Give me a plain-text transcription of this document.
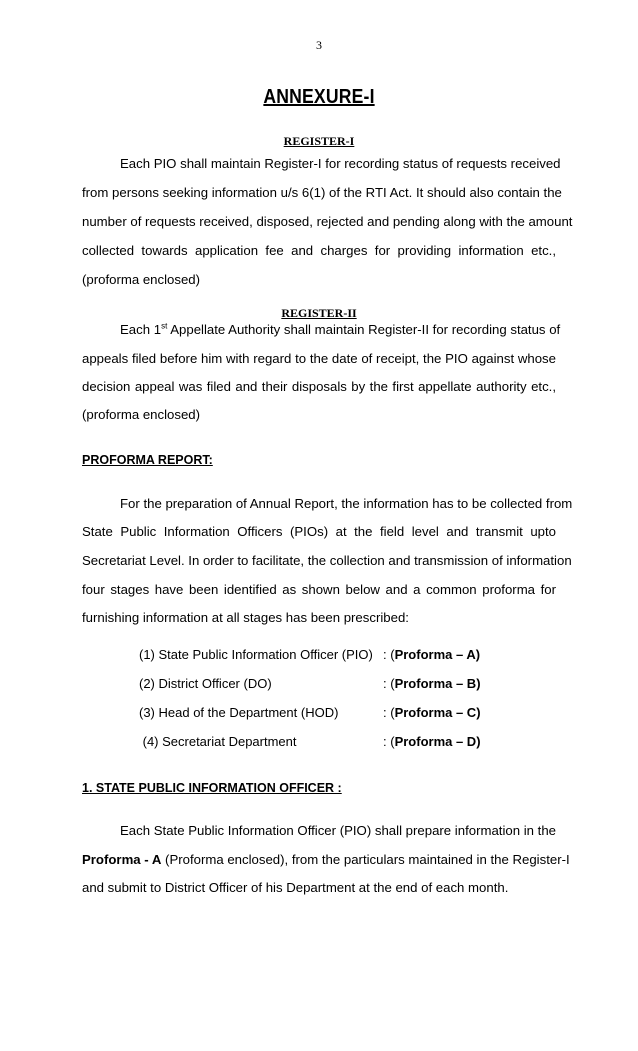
3
ANNEXURE-I
REGISTER-I
Each PIO shall maintain Register-I for recording status of requests received
from persons seeking information u/s 6(1) of the RTI Act. It should also contain the
number of requests received, disposed, rejected and pending along with the amount
collected towards application fee and charges for providing information etc.,
(proforma enclosed)
REGISTER-II
Each 1st Appellate Authority shall maintain Register-II for recording status of
appeals filed before him with regard to the date of receipt, the PIO against whose
decision appeal was filed and their disposals by the first appellate authority etc.,
(proforma enclosed)
PROFORMA REPORT:
For the preparation of Annual Report, the information has to be collected from
State Public Information Officers (PIOs) at the field level and transmit upto
Secretariat Level. In order to facilitate, the collection and transmission of information
four stages have been identified as shown below and a common proforma for
furnishing information at all stages has been prescribed:
(1) State Public Information Officer (PIO) : (Proforma – A)
(2) District Officer (DO)	: (Proforma – B)
(3) Head of the Department (HOD)	: (Proforma – C)
(4) Secretariat Department	: (Proforma – D)
1. STATE PUBLIC INFORMATION OFFICER :
Each State Public Information Officer (PIO) shall prepare information in the
Proforma - A (Proforma enclosed), from the particulars maintained in the Register-I
and submit to District Officer of his Department at the end of each month.
